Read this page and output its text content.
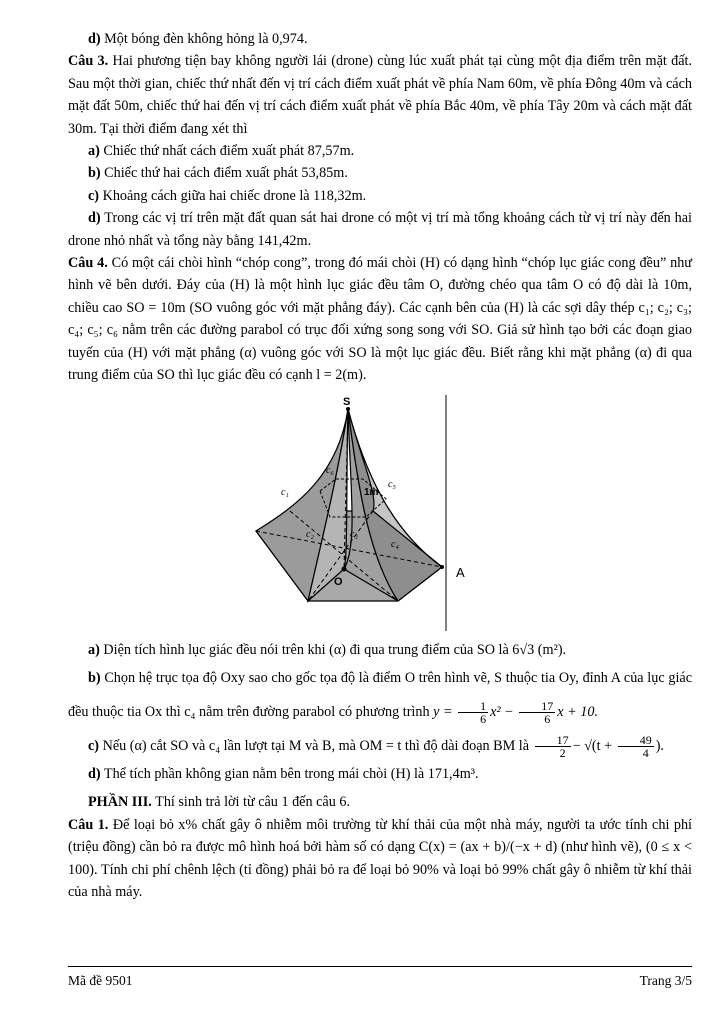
d) Một bóng đèn không hỏng là 0,974.

Câu 3. Hai phương tiện bay không người lái (drone) cùng lúc xuất phát tại cùng một địa điểm trên mặt đất. Sau một thời gian, chiếc thứ nhất đến vị trí cách điểm xuất phát về phía Nam 60m, về phía Đông 40m và cách mặt đất 50m, chiếc thứ hai đến vị trí cách điểm xuất phát về phía Bắc 40m, về phía Tây 20m và cách mặt đất 30m. Tại thời điểm đang xét thì

a) Chiếc thứ nhất cách điểm xuất phát 87,57m.

b) Chiếc thứ hai cách điểm xuất phát 53,85m.

c) Khoảng cách giữa hai chiếc drone là 118,32m.

d) Trong các vị trí trên mặt đất quan sát hai drone có một vị trí mà tổng khoảng cách từ vị trí này đến hai drone nhỏ nhất và tổng này bằng 141,42m.

Câu 4. Có một cái chòi hình “chóp cong”, trong đó mái chòi (H) có dạng hình “chóp lục giác cong đều” như hình vẽ bên dưới. Đáy của (H) là một hình lục giác đều tâm O, đường chéo qua tâm O có độ dài là 10m, chiều cao SO = 10m (SO vuông góc với mặt phẳng đáy). Các cạnh bên của (H) là các sợi dây thép c₁; c₂; c₃; c₄; c₅; c₆ nằm trên các đường parabol có trục đối xứng song song với SO. Giả sử hình tạo bởi các đoạn giao tuyến của (H) với mặt phẳng (α) vuông góc với SO là một lục giác đều. Biết rằng khi mặt phẳng (α) đi qua trung điểm của SO thì lục giác đều có cạnh l = 2(m).

S
O
A
c₁
c₂	c₃
c₄
c₅
c₆
1m

a) Diện tích hình lục giác đều nói trên khi (α) đi qua trung điểm của SO là 6√3 (m²).

b) Chọn hệ trục tọa độ Oxy sao cho gốc tọa độ là điểm O trên hình vẽ, S thuộc tia Oy, đỉnh A của lục giác đều thuộc tia Ox thì c₄ nằm trên đường parabol có phương trình $y = \frac{1}{6} x^2 - \frac{17}{6}$ x + 10.

c) Nếu (α) cắt SO và c₄ lần lượt tại M và B, mà OM = t thì độ dài đoạn BM là $\frac{17}{2} - √(t + \frac{49}{4}$ ).

d) Thể tích phần không gian nằm bên trong mái chòi (H) là 171,4m³.

PHẦN III. Thí sinh trả lời từ câu 1 đến câu 6.

Câu 1. Để loại bỏ x% chất gây ô nhiễm môi trường từ khí thải của một nhà máy, người ta ước tính chi phí (triệu đồng) cần bỏ ra được mô hình hoá bởi hàm số có dạng C(x) = (ax + b)/(−x + d) (như hình vẽ), (0 ≤ x < 100). Tính chi phí chênh lệch (tỉ đồng) phải bỏ ra để loại bỏ 90% và loại bỏ 99% chất gây ô nhiễm từ khí thải của nhà máy.

Mã đề 9501	Trang 3/5
